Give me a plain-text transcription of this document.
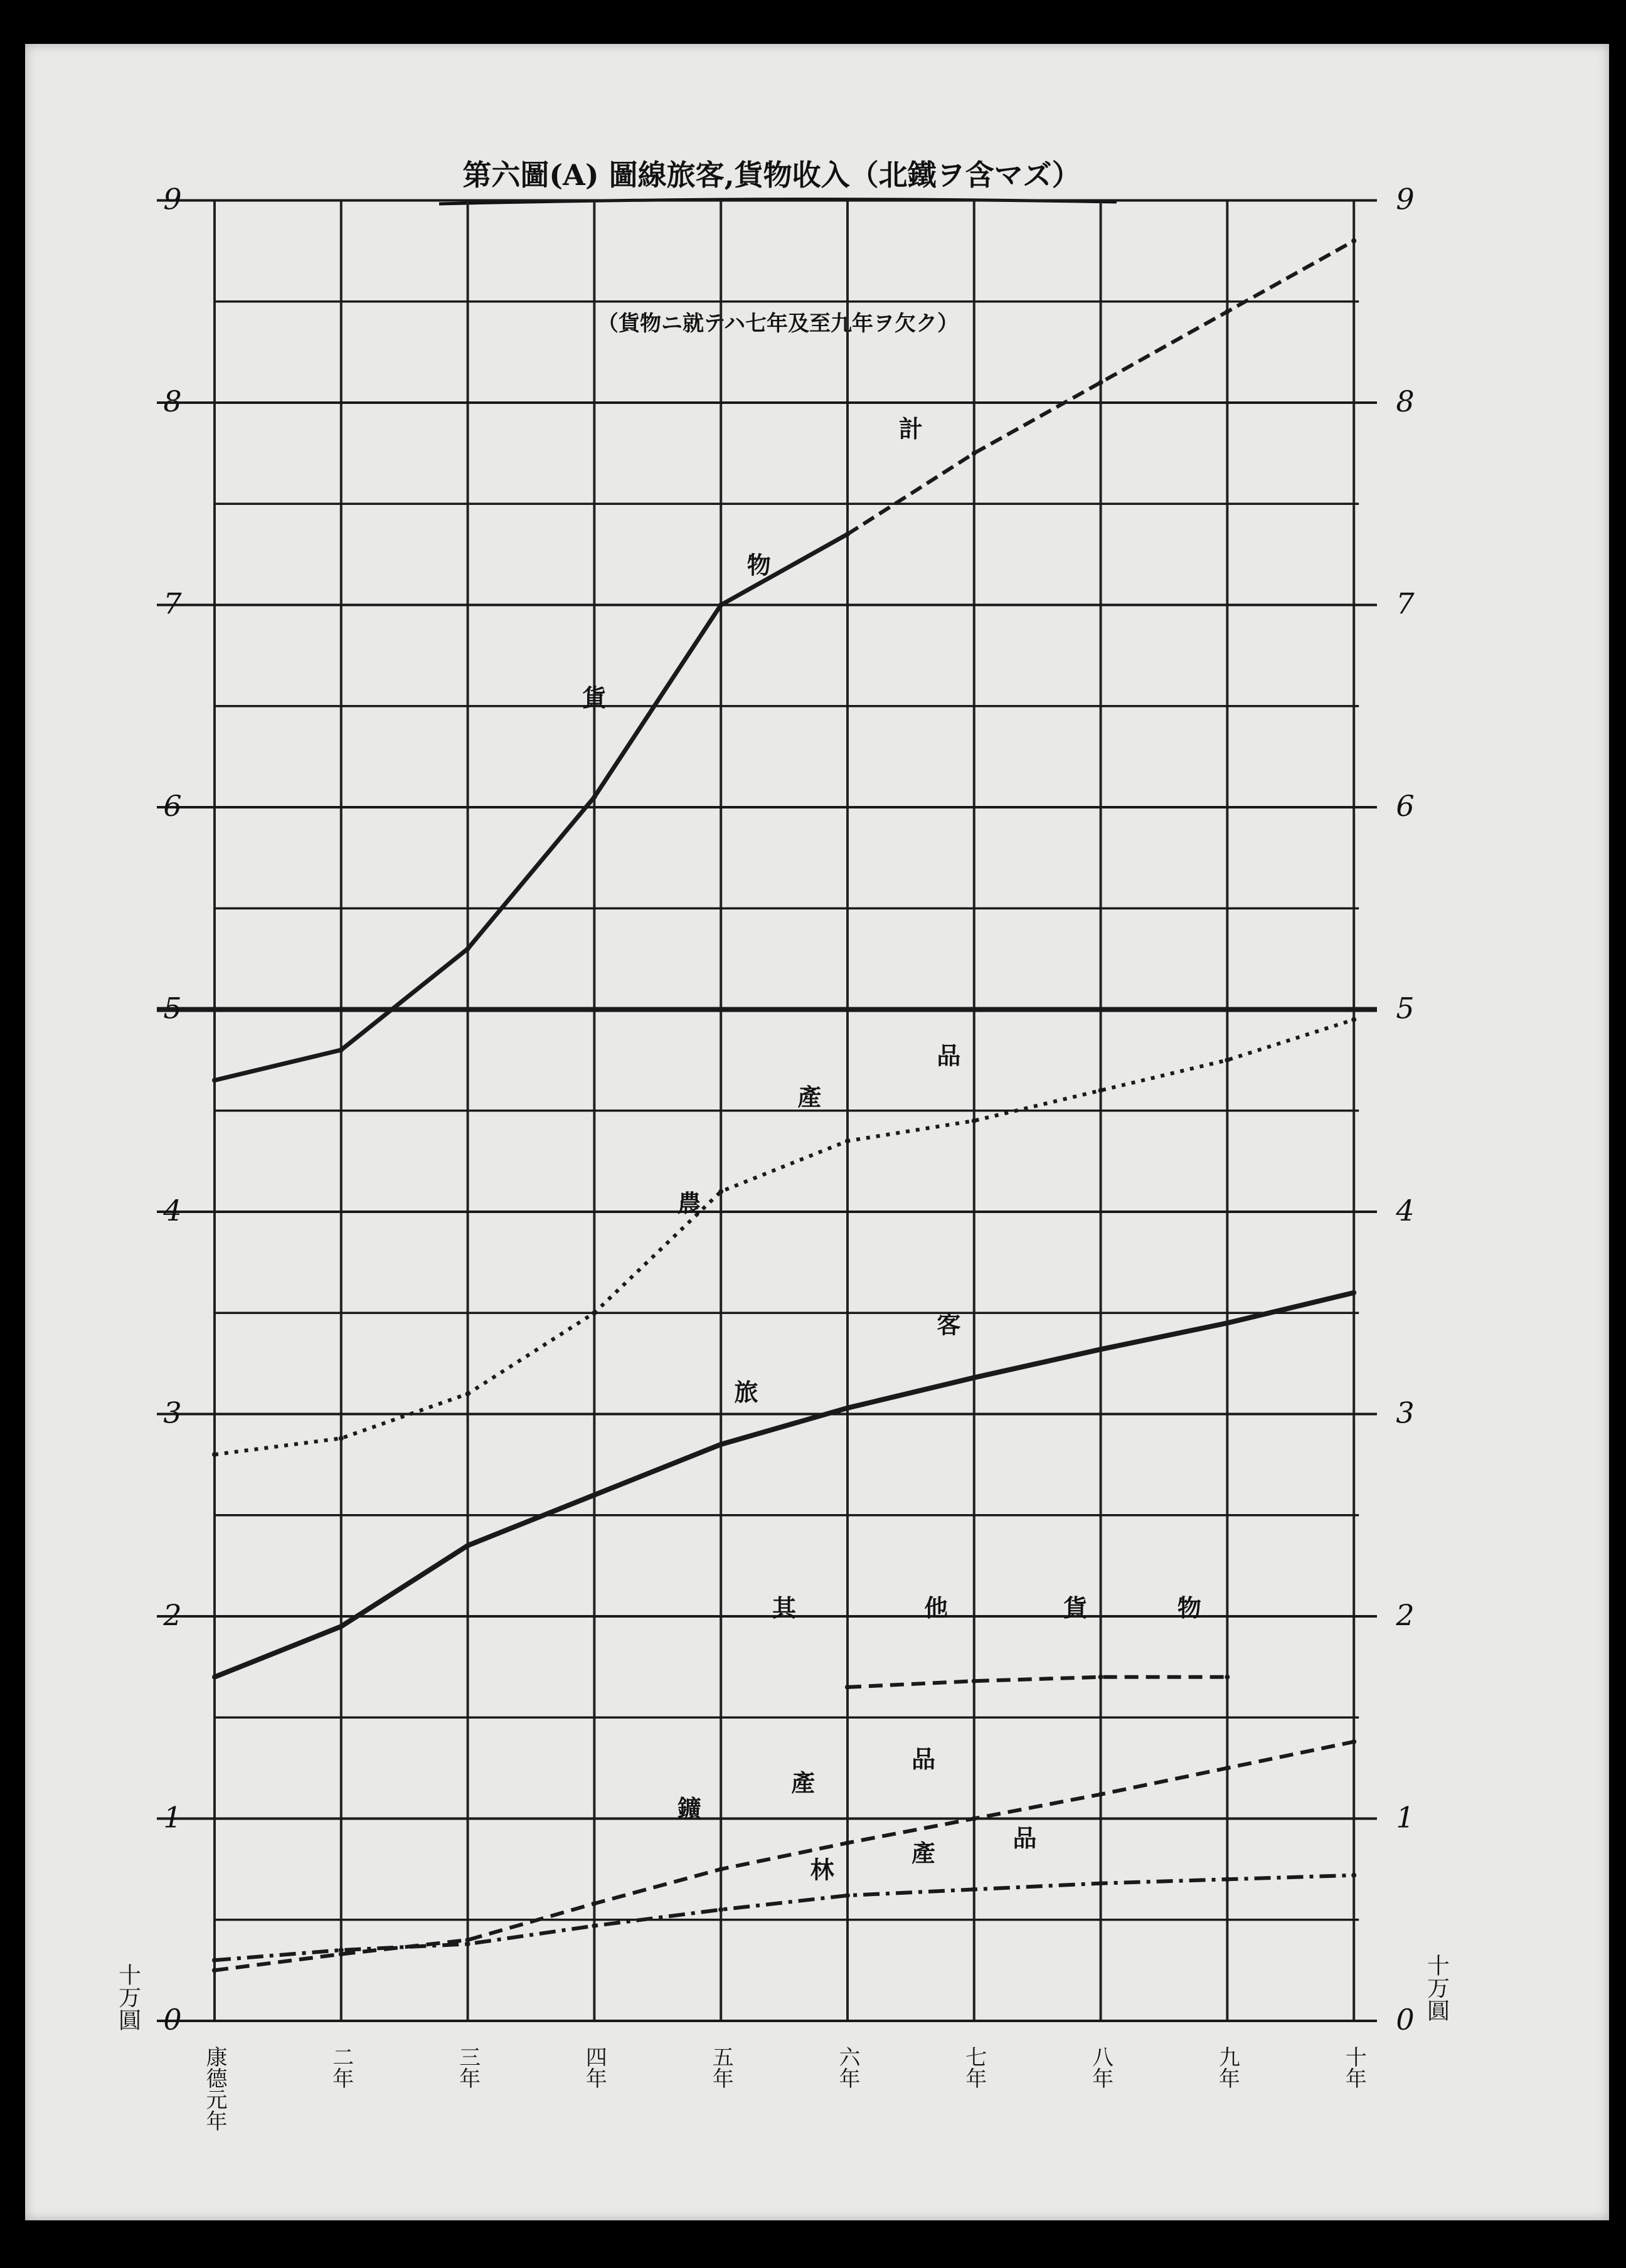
第六圖(A) 圖線旅客,貨物收入（北鐵ヲ含マズ）
（貨物ニ就テハ七年及至九年ヲ欠ク）
0	0
1	1
2	2
3	3
4	4
5	5
6	6
7	7
8	8
9	9
康德元年	二年	三年	四年	五年	六年	七年	八年	九年	十年
計
物
貨
農
產
品
旅
客
其	他	貨	物
鑛
產
品
林
產
品
十万圓	十万圓
